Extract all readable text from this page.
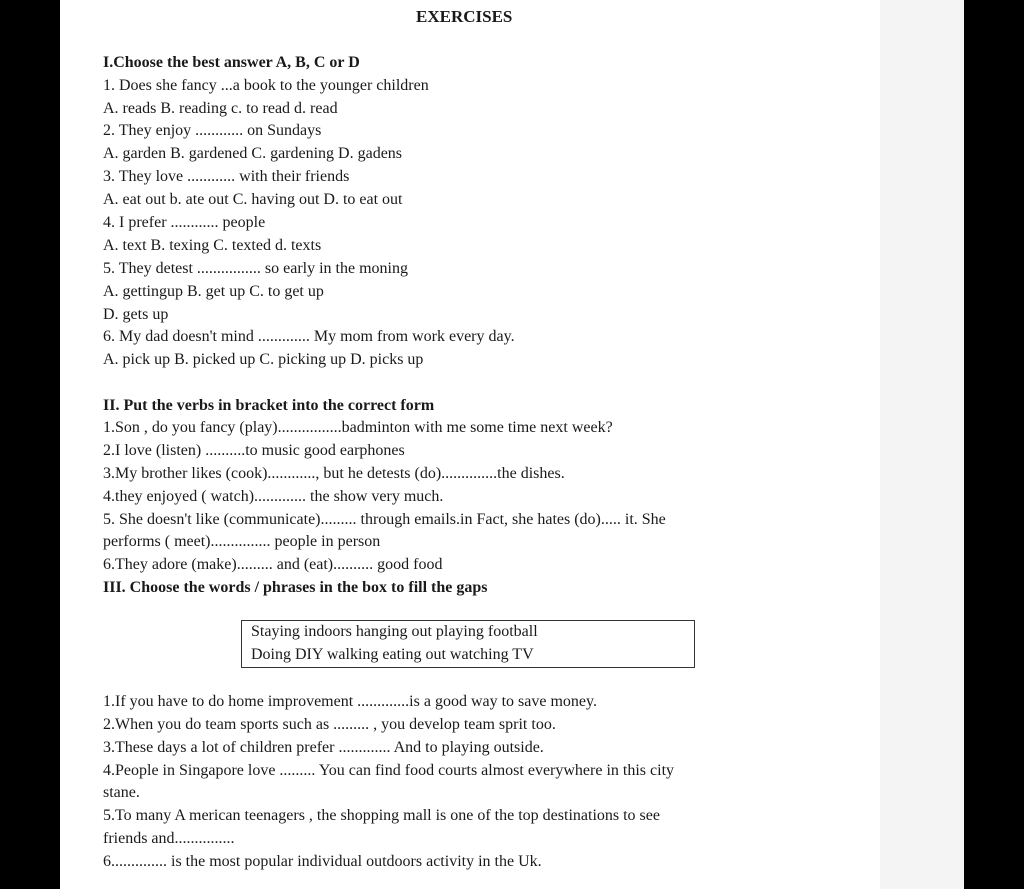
EXERCISES
I.Choose the best answer A, B, C or D
1. Does she fancy ...a book to the younger children
A. reads B. reading c. to read d. read
2. They enjoy ............ on Sundays
A. garden B. gardened C. gardening D. gadens
3. They love ............ with their friends
A. eat out b. ate out C. having out D. to eat out
4. I prefer ............ people
A. text B. texing C. texted d. texts
5. They detest ................ so early in the moning
A. gettingup B. get up C. to get up
D. gets up
6. My dad doesn't mind ............. My mom from work every day.
A. pick up B. picked up C. picking up D. picks up
II. Put the verbs in bracket into the correct form
1.Son , do you fancy (play)................badminton with me some time next week?
2.I love (listen) ..........to music good earphones
3.My brother likes (cook)............, but he detests (do)..............the dishes.
4.they enjoyed ( watch)............. the show very much.
5. She doesn't like (communicate)......... through emails.in Fact, she hates (do)..... it. She
performs ( meet)............... people in person
6.They adore (make)......... and (eat).......... good food
III. Choose the words / phrases in the box to fill the gaps
Staying indoors hanging out playing football
Doing DIY walking eating out watching TV
1.If you have to do home improvement .............is a good way to save money.
2.When you do team sports such as ......... , you develop team sprit too.
3.These days a lot of children prefer ............. And to playing outside.
4.People in Singapore love ......... You can find food courts almost everywhere in this city
stane.
5.To many A merican teenagers , the shopping mall is one of the top destinations to see
friends and...............
6.............. is the most popular individual outdoors activity in the Uk.
